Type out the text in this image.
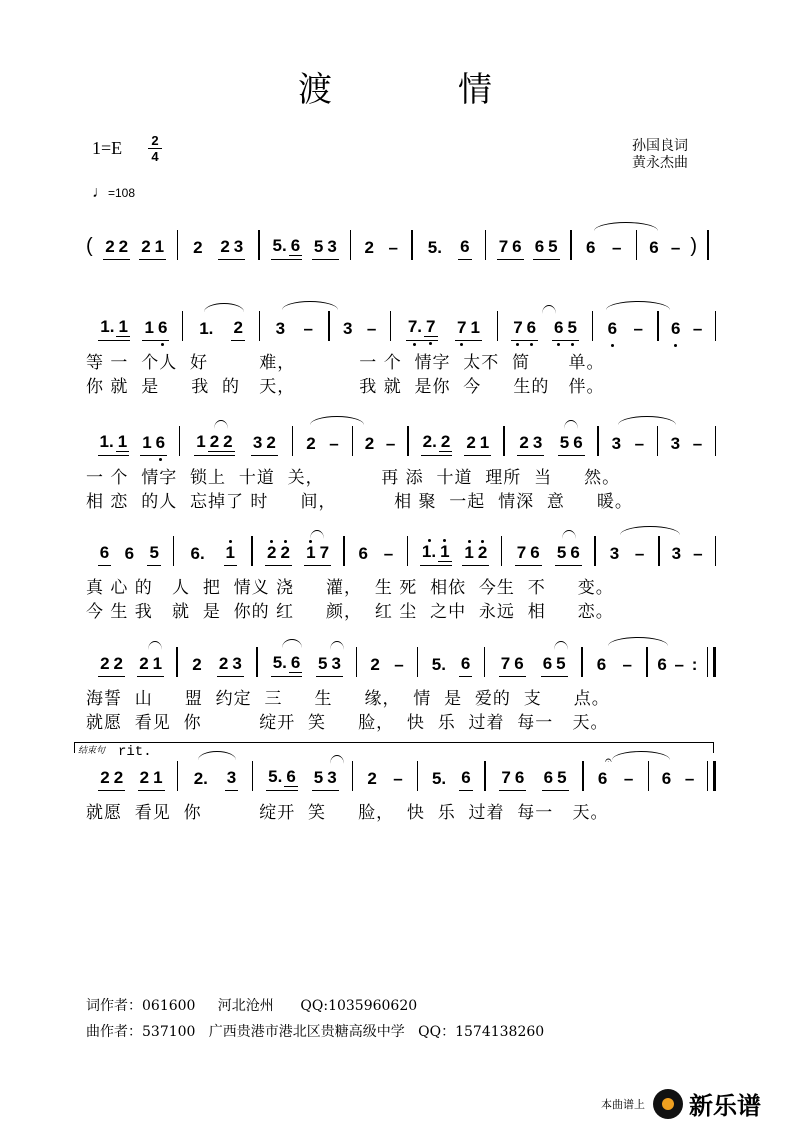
渡	情
1=E 2
4
孙国良词
黄永杰曲
♩=108
( 2 2 2 1 2 2 3 5. 6 5 3 2 – 5. 6 7 6 6 5 6 – 6 – )
1. 1 1 6 1. 2 3 – 3 – 7. 7 7 1 7 6 6 5 6 – 6 –
等 一  个人  好        难，          一 个  情字  太不  简      单。
你 就  是     我  的   天，          我 就  是你  今     生的   伴。
1. 1 1 6 1 2 2 3 2 2 – 2 – 2. 2 2 1 2 3 5 6 3 – 3 –
一 个  情字  锁上  十道  关，         再 添  十道  理所  当     然。
相 恋  的人  忘掉了 时     间，         相 聚  一起  情深  意     暖。
6 6 5 6. 1 2 2 1 7 6 – 1. 1 1 2 7 6 5 6 3 – 3 –
真 心 的   人  把  情义 浇     灌，  生 死  相依  今生  不     变。
今 生 我   就  是  你的 红     颜，  红 尘  之中  永远  相     恋。
2 2 2 1 2 2 3 5. 6 5 3 2 – 5. 6 7 6 6 5 6 – 6 – :
海誓  山     盟  约定  三     生     缘，  情  是  爱的  支     点。
就愿  看见  你         绽开  笑     脸，  快  乐  过着  每一   天。
结束句 rit.
2 2 2 1 2. 3 5. 6 5 3 2 – 5. 6 7 6 6 5 6 – 6 –
𝄐
就愿  看见  你         绽开  笑     脸，  快  乐  过着  每一   天。
词作者：061600     河北沧州      QQ:1035960620
曲作者：537100   广西贵港市港北区贵糖高级中学   QQ：1574138260
本曲谱上 新乐谱
